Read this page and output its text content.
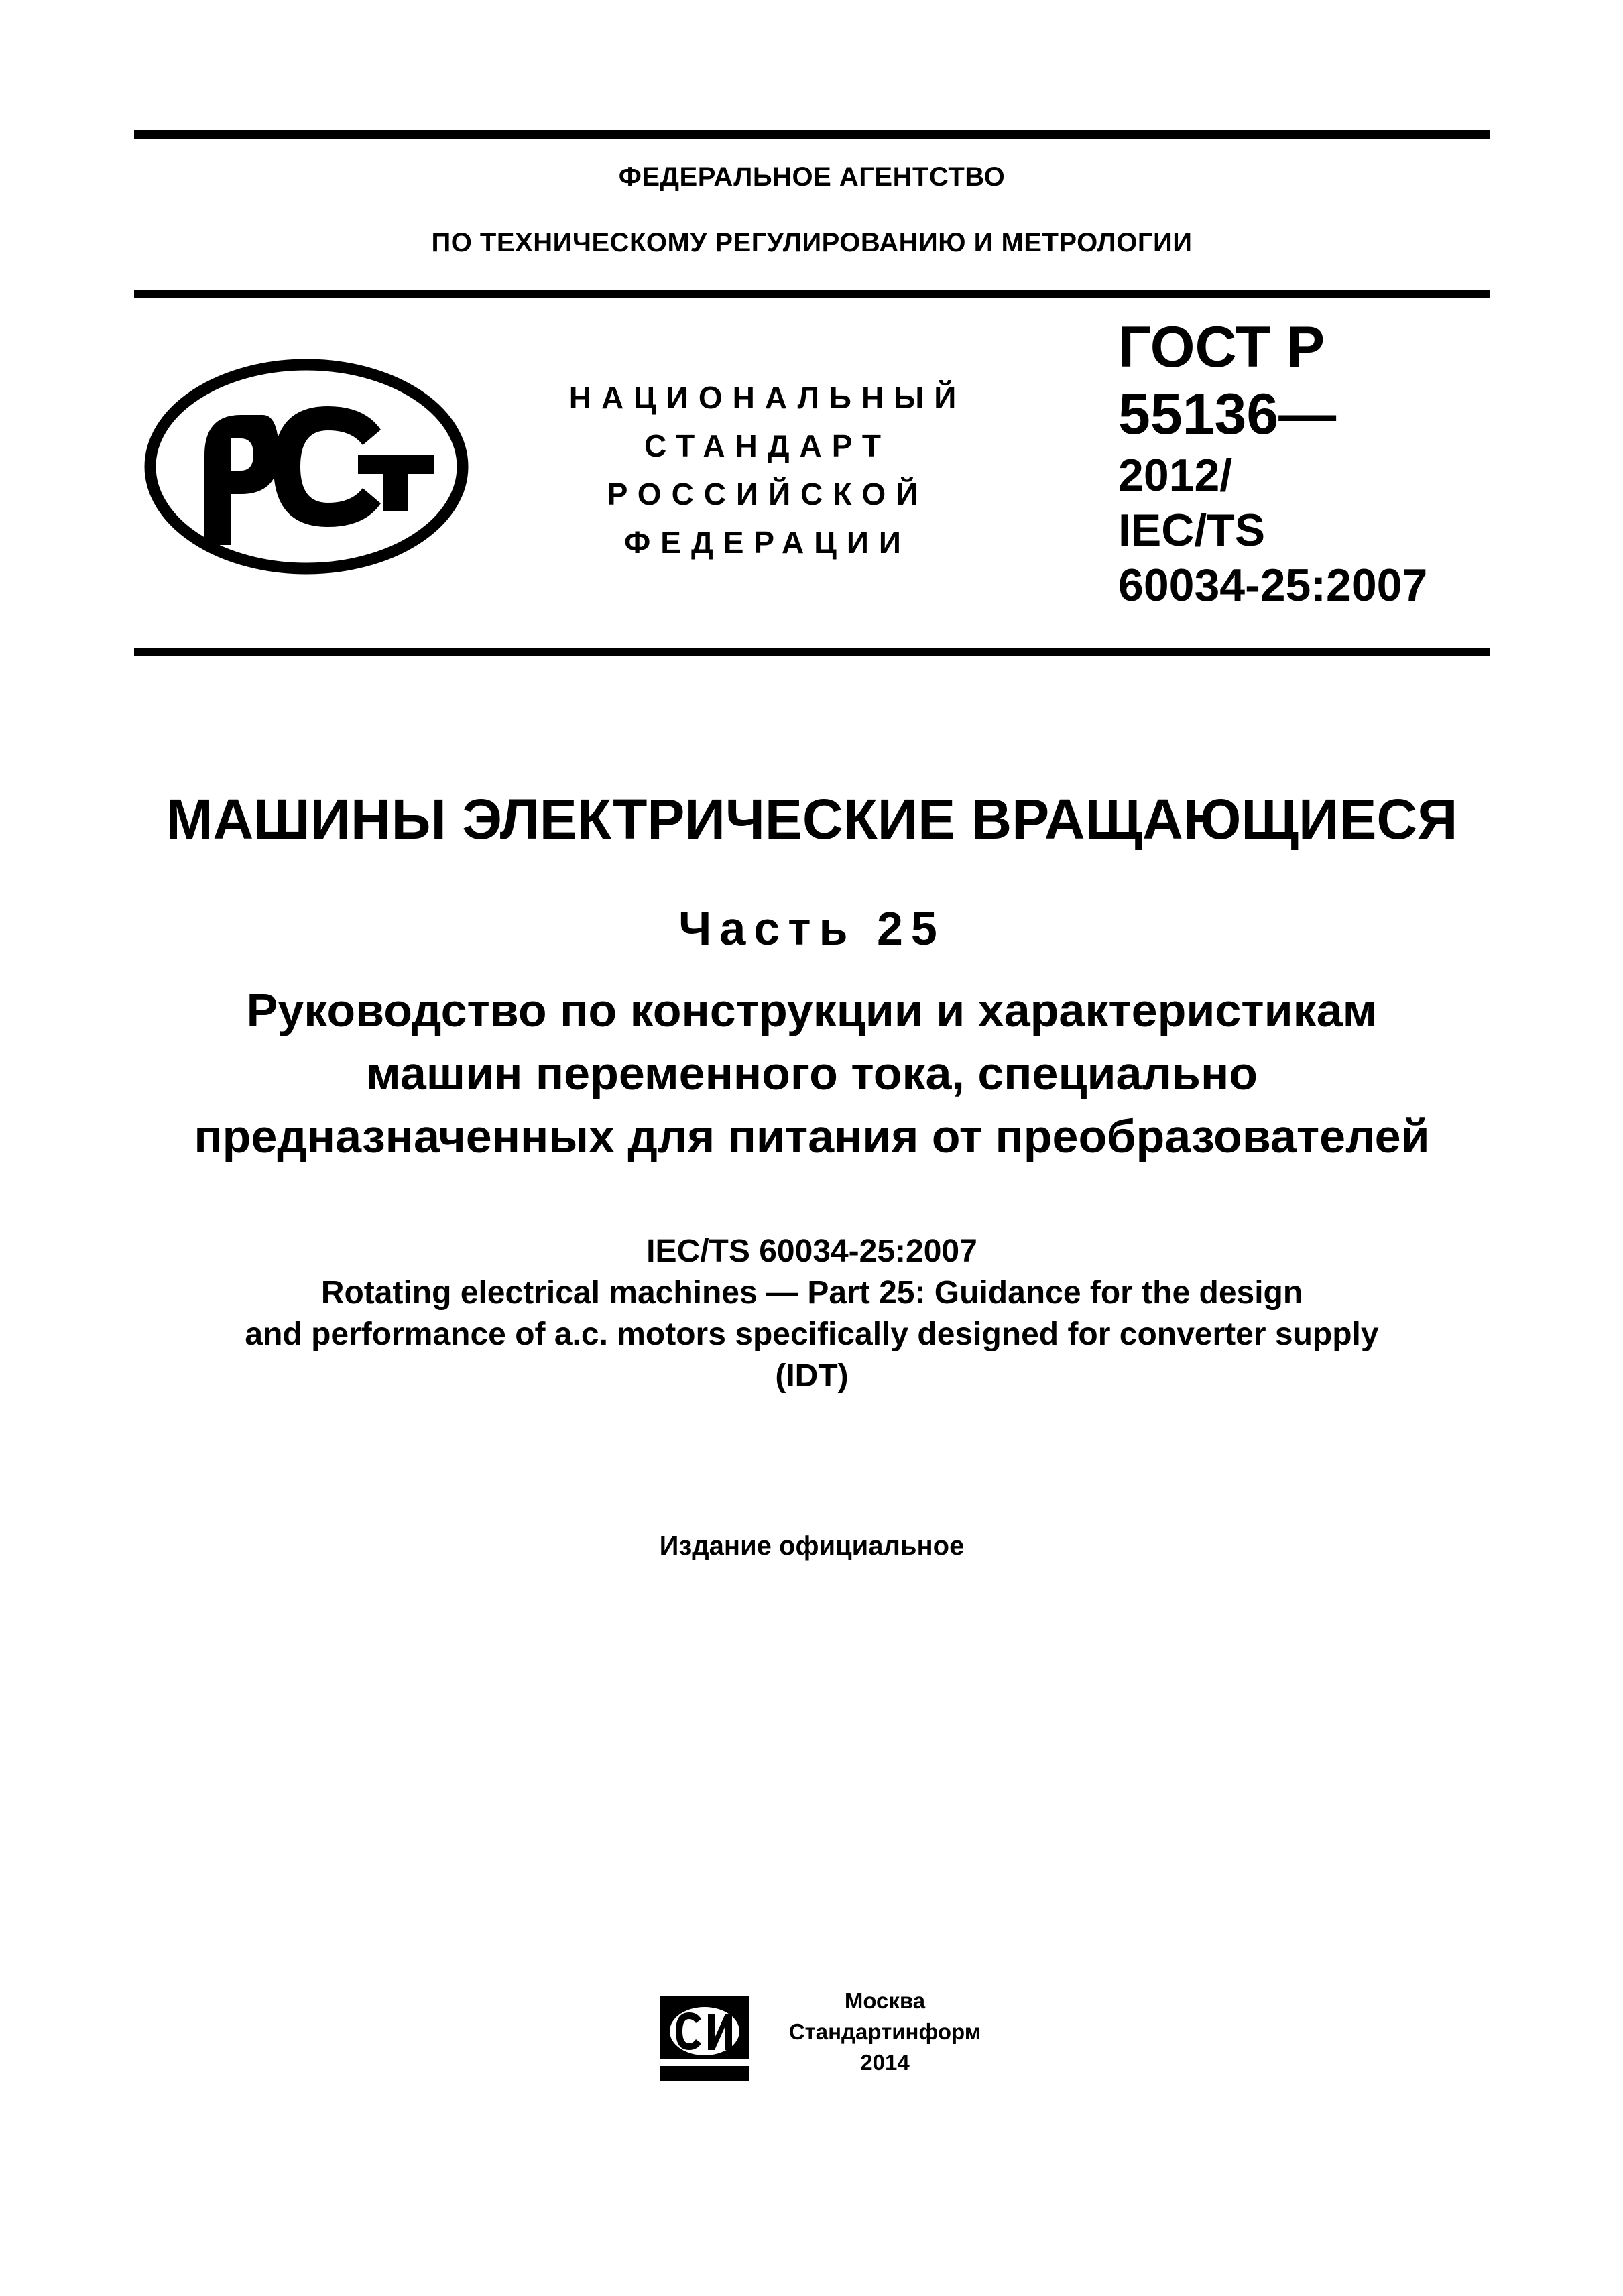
ФЕДЕРАЛЬНОЕ АГЕНТСТВО
ПО ТЕХНИЧЕСКОМУ РЕГУЛИРОВАНИЮ И МЕТРОЛОГИИ
НАЦИОНАЛЬНЫЙ
СТАНДАРТ
РОССИЙСКОЙ
ФЕДЕРАЦИИ
ГОСТ Р
55136—
2012/
IEC/TS
60034-25:2007
МАШИНЫ ЭЛЕКТРИЧЕСКИЕ ВРАЩАЮЩИЕСЯ
Часть 25
Руководство по конструкции и характеристикам
машин переменного тока, специально
предназначенных для питания от преобразователей
IEC/TS 60034-25:2007
Rotating electrical machines — Part 25: Guidance for the design
and performance of a.c. motors specifically designed for converter supply
(IDT)
Издание официальное
Москва
Стандартинформ
2014
